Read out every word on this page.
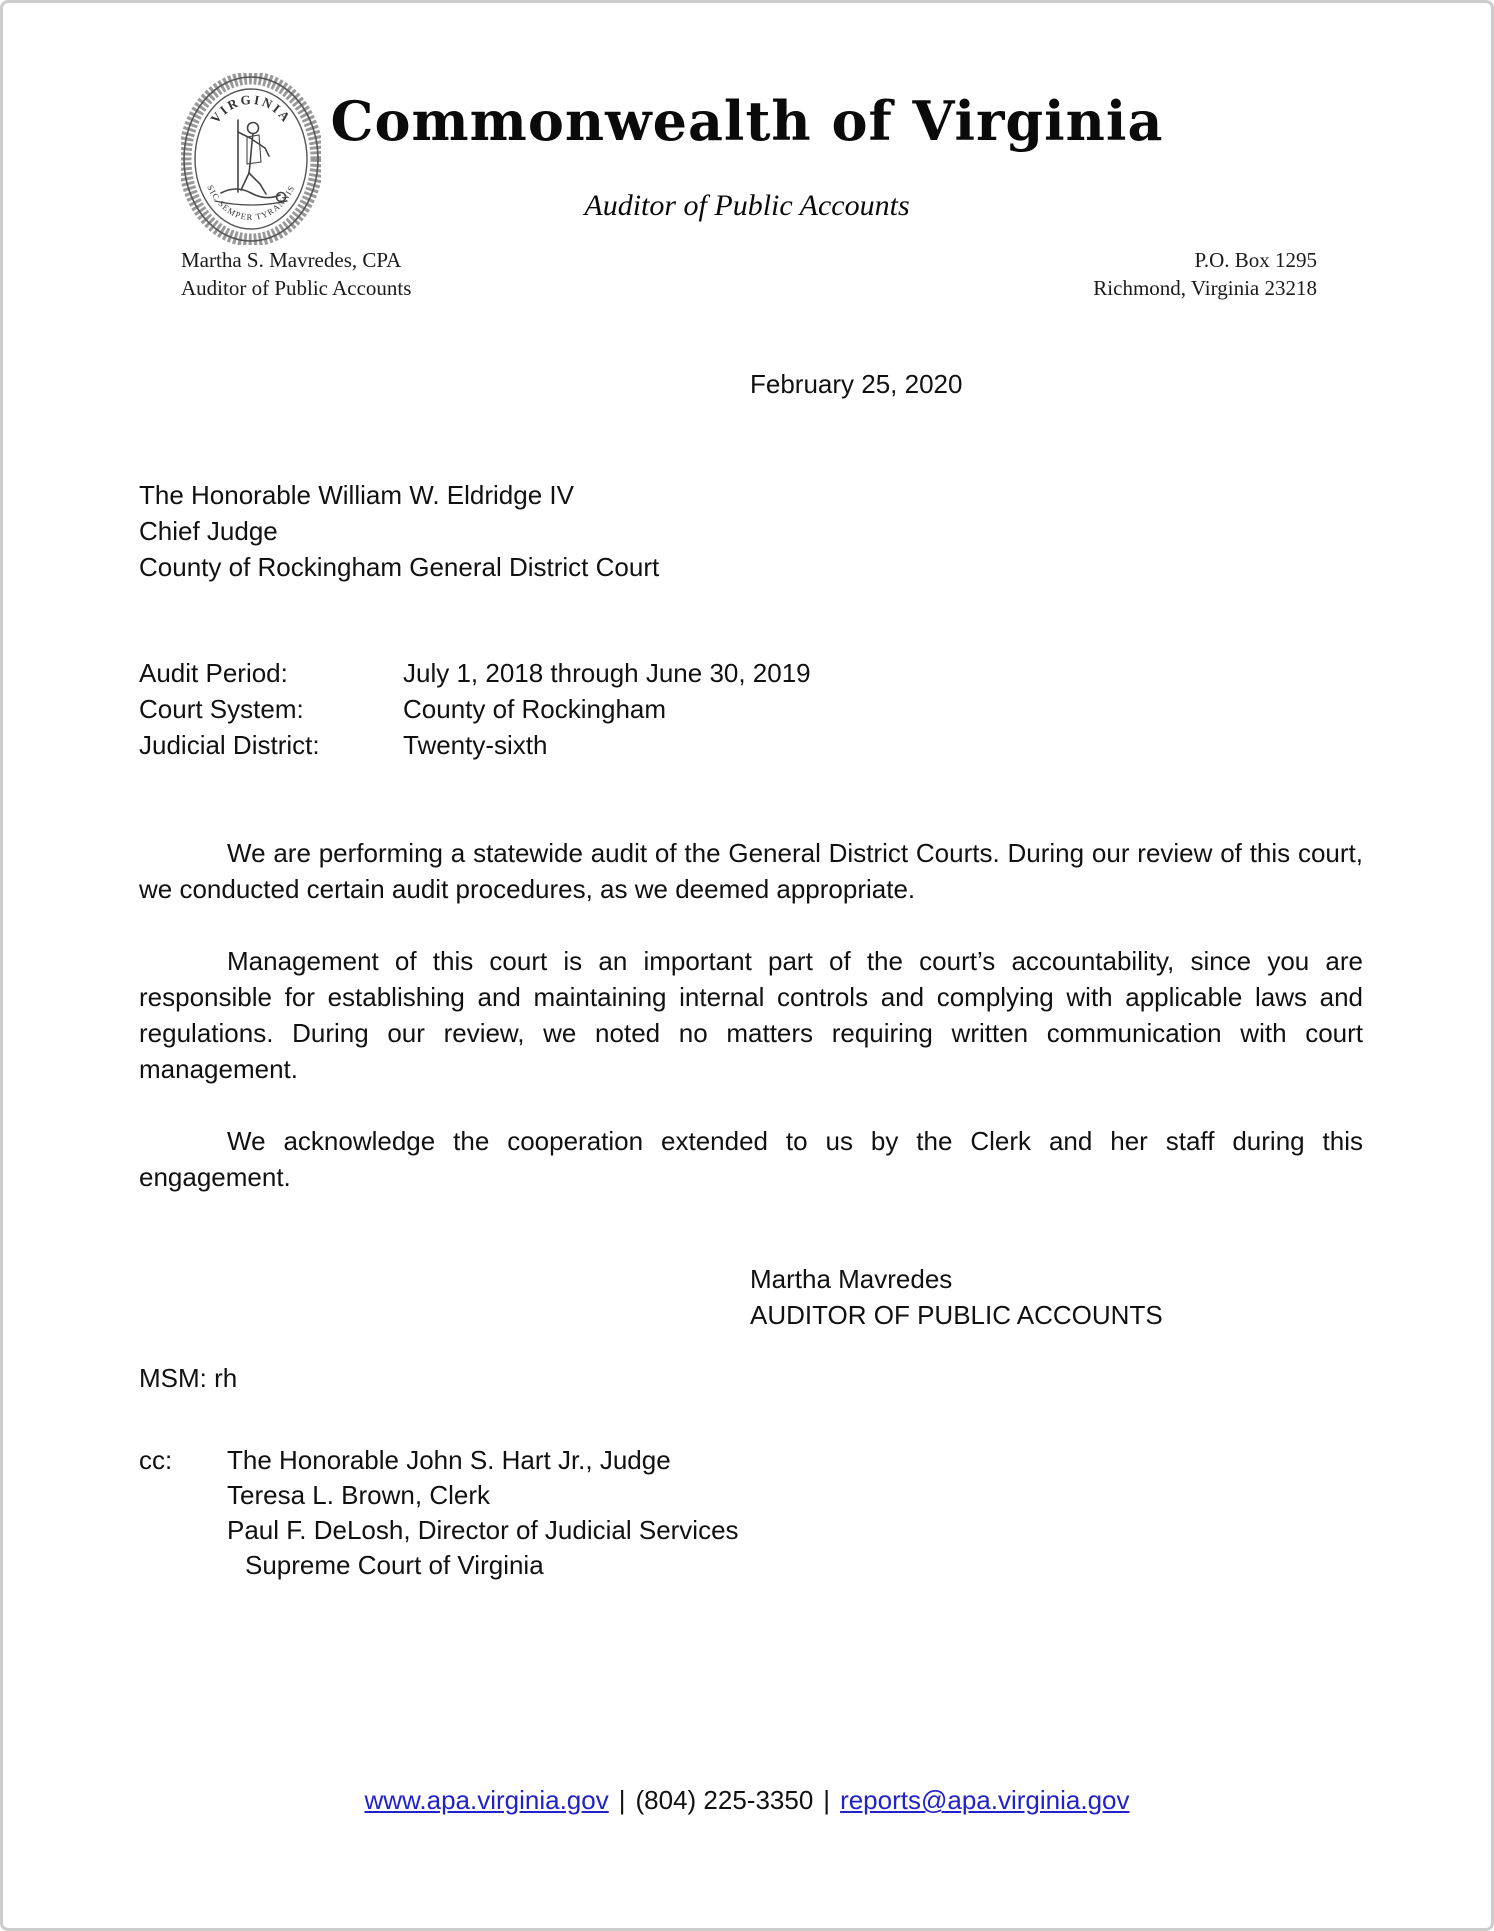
VIRGINIA
SIC SEMPER TYRANNIS
Commonwealth of Virginia
Auditor of Public Accounts
Martha S. Mavredes, CPA
Auditor of Public Accounts
P.O. Box 1295
Richmond, Virginia 23218
February 25, 2020
The Honorable William W. Eldridge IV
Chief Judge
County of Rockingham General District Court
Audit Period:	July 1, 2018 through June 30, 2019
Court System:	County of Rockingham
Judicial District:	Twenty-sixth

We are performing a statewide audit of the General District Courts. During our review of this court, we conducted certain audit procedures, as we deemed appropriate.

Management of this court is an important part of the court’s accountability, since you are responsible for establishing and maintaining internal controls and complying with applicable laws and regulations. During our review, we noted no matters requiring written communication with court management.

We acknowledge the cooperation extended to us by the Clerk and her staff during this engagement.

Martha Mavredes
AUDITOR OF PUBLIC ACCOUNTS
MSM: rh
cc:	The Honorable John S. Hart Jr., Judge
Teresa L. Brown, Clerk
Paul F. DeLosh, Director of Judicial Services
Supreme Court of Virginia
www.apa.virginia.gov | (804) 225-3350 | reports@apa.virginia.gov
